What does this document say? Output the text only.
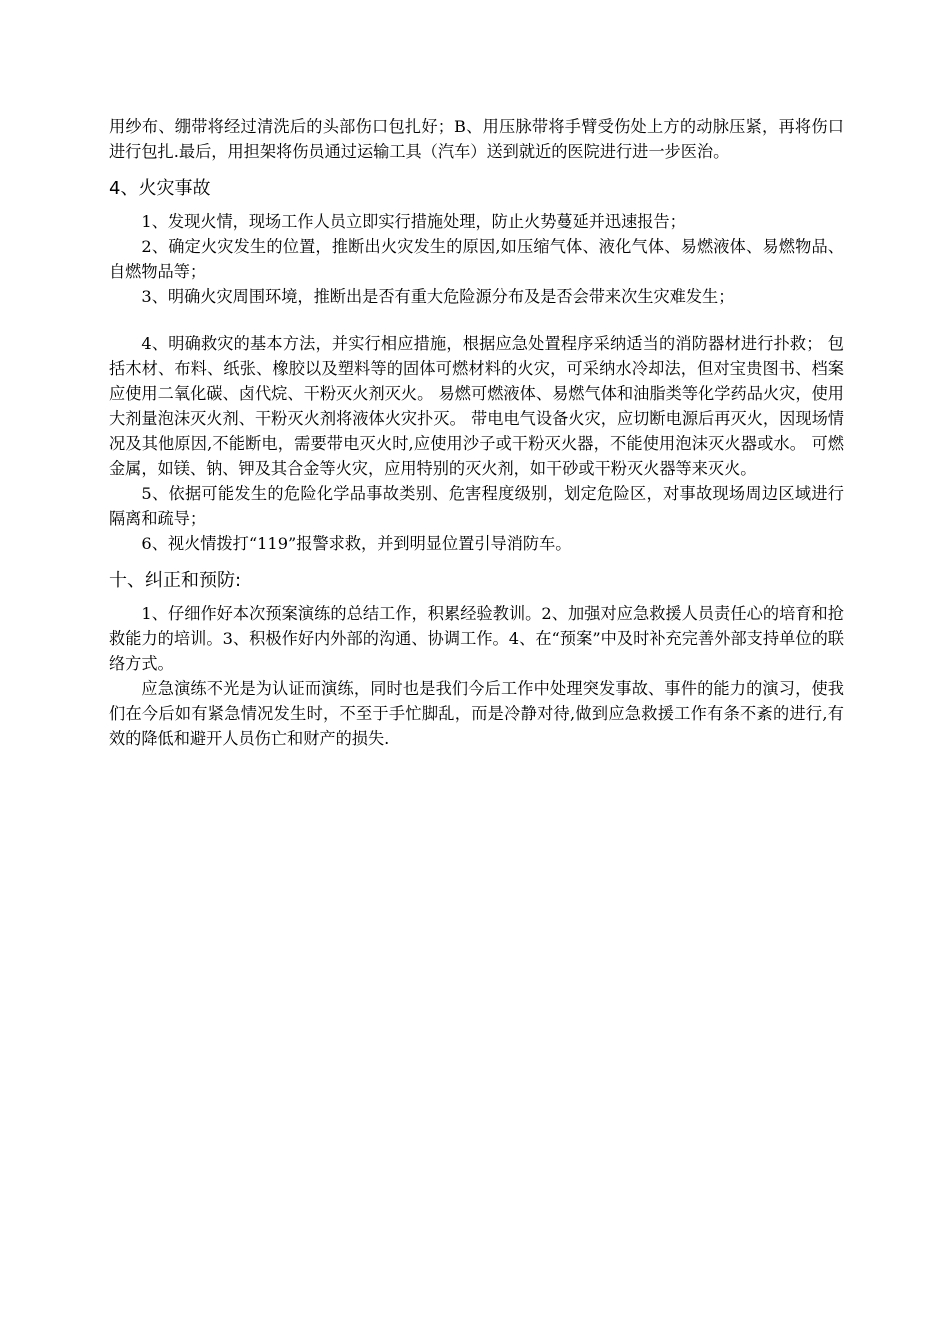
用纱布、绷带将经过清洗后的头部伤口包扎好；B、用压脉带将手臂受伤处上方的动脉压紧，再将伤口进行包扎.最后，用担架将伤员通过运输工具（汽车）送到就近的医院进行进一步医治。

4、火灾事故

1、发现火情，现场工作人员立即实行措施处理，防止火势蔓延并迅速报告；

2、确定火灾发生的位置，推断出火灾发生的原因,如压缩气体、液化气体、易燃液体、易燃物品、自燃物品等；

3、明确火灾周围环境，推断出是否有重大危险源分布及是否会带来次生灾难发生；

4、明确救灾的基本方法，并实行相应措施，根据应急处置程序采纳适当的消防器材进行扑救； 包括木材、布料、纸张、橡胶以及塑料等的固体可燃材料的火灾，可采纳水冷却法，但对宝贵图书、档案应使用二氧化碳、卤代烷、干粉灭火剂灭火。 易燃可燃液体、易燃气体和油脂类等化学药品火灾，使用大剂量泡沫灭火剂、干粉灭火剂将液体火灾扑灭。 带电电气设备火灾，应切断电源后再灭火，因现场情况及其他原因,不能断电，需要带电灭火时,应使用沙子或干粉灭火器，不能使用泡沫灭火器或水。 可燃金属，如镁、钠、钾及其合金等火灾，应用特别的灭火剂，如干砂或干粉灭火器等来灭火。

5、依据可能发生的危险化学品事故类别、危害程度级别，划定危险区，对事故现场周边区域进行隔离和疏导；

6、视火情拨打“119”报警求救，并到明显位置引导消防车。

十、纠正和预防:

1、仔细作好本次预案演练的总结工作，积累经验教训。2、加强对应急救援人员责任心的培育和抢救能力的培训。3、积极作好内外部的沟通、协调工作。4、在“预案”中及时补充完善外部支持单位的联络方式。

应急演练不光是为认证而演练，同时也是我们今后工作中处理突发事故、事件的能力的演习，使我们在今后如有紧急情况发生时，不至于手忙脚乱，而是冷静对待,做到应急救援工作有条不紊的进行,有效的降低和避开人员伤亡和财产的损失.
